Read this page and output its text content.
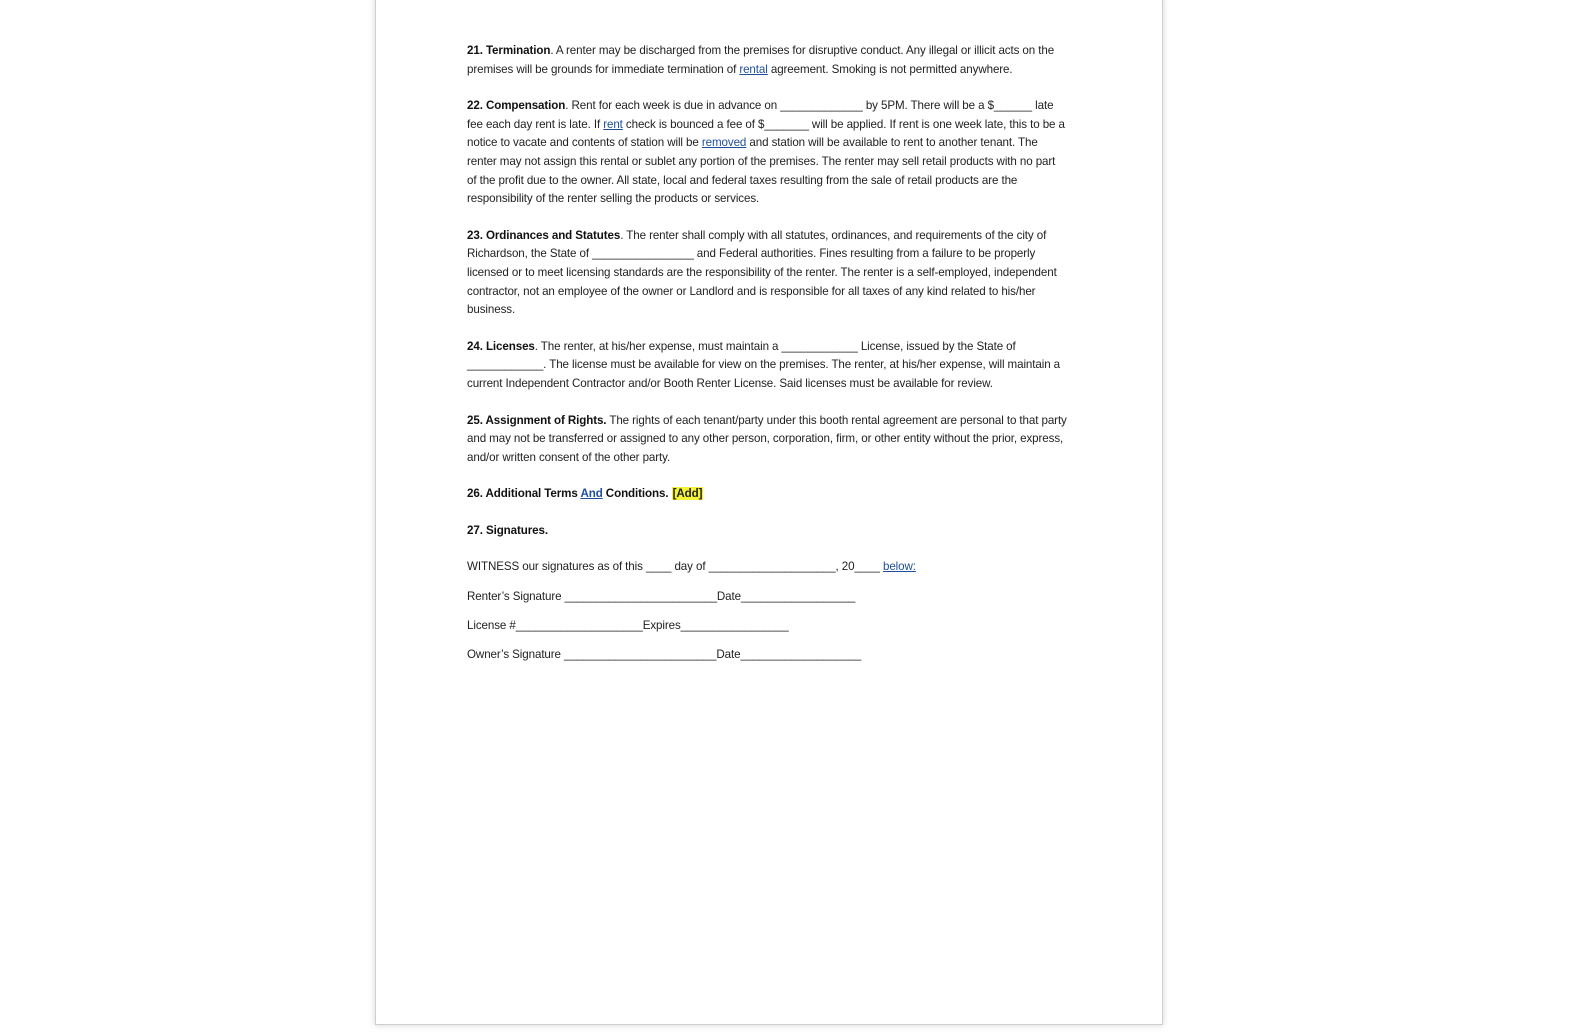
21. Termination. A renter may be discharged from the premises for disruptive conduct. Any illegal or illicit acts on the premises will be grounds for immediate termination of rental agreement. Smoking is not permitted anywhere.

22. Compensation. Rent for each week is due in advance on _____________ by 5PM. There will be a $______ late fee each day rent is late. If rent check is bounced a fee of $_______ will be applied. If rent is one week late, this to be a notice to vacate and contents of station will be removed and station will be available to rent to another tenant. The renter may not assign this rental or sublet any portion of the premises. The renter may sell retail products with no part of the profit due to the owner. All state, local and federal taxes resulting from the sale of retail products are the responsibility of the renter selling the products or services.

23. Ordinances and Statutes. The renter shall comply with all statutes, ordinances, and requirements of the city of Richardson, the State of ________________ and Federal authorities. Fines resulting from a failure to be properly licensed or to meet licensing standards are the responsibility of the renter. The renter is a self-employed, independent contractor, not an employee of the owner or Landlord and is responsible for all taxes of any kind related to his/her business.

24. Licenses. The renter, at his/her expense, must maintain a ____________ License, issued by the State of ____________. The license must be available for view on the premises. The renter, at his/her expense, will maintain a current Independent Contractor and/or Booth Renter License. Said licenses must be available for review.

25. Assignment of Rights. The rights of each tenant/party under this booth rental agreement are personal to that party and may not be transferred or assigned to any other person, corporation, firm, or other entity without the prior, express, and/or written consent of the other party.

26. Additional Terms And Conditions. [Add]

27. Signatures.

WITNESS our signatures as of this ____ day of ____________________, 20____ below:

Renter’s Signature ________________________Date__________________

License #____________________Expires_________________

Owner’s Signature ________________________Date___________________
